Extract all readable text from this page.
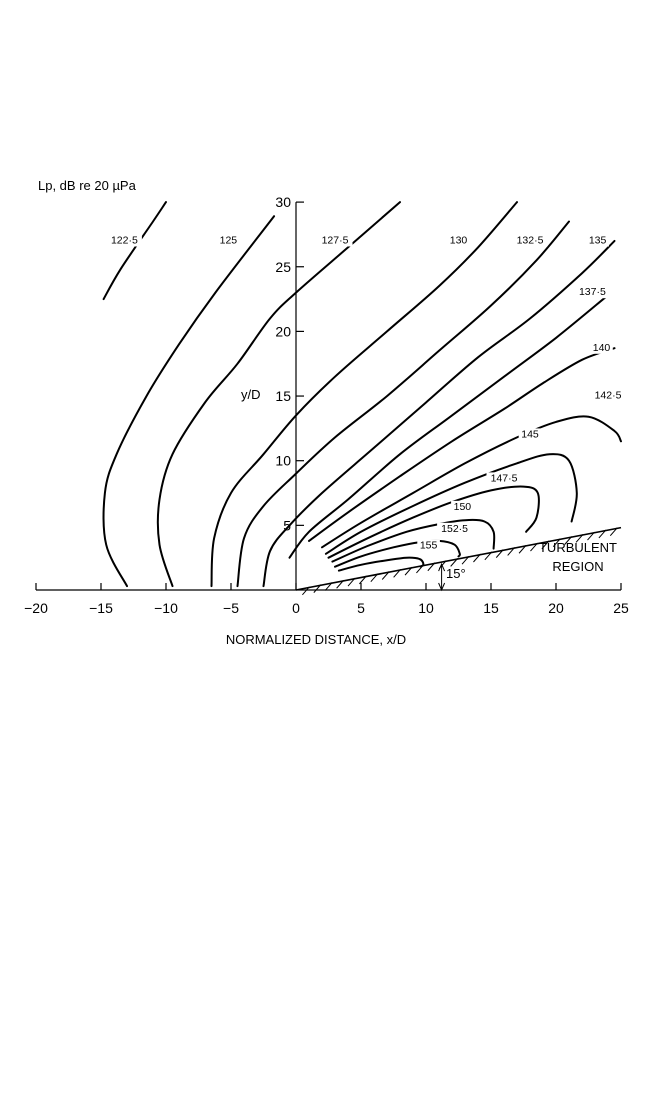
Lp, dB re 20 µPa
−20	−15	−10	−5	0	5	10	15	20	25
5
10
15
20
25
30
122·5	125	127·5	130	132·5	135
137·5
140
142·5
145
147·5
150
152·5
155
y/D
NORMALIZED DISTANCE, x/D
TURBULENT
REGION
15°
